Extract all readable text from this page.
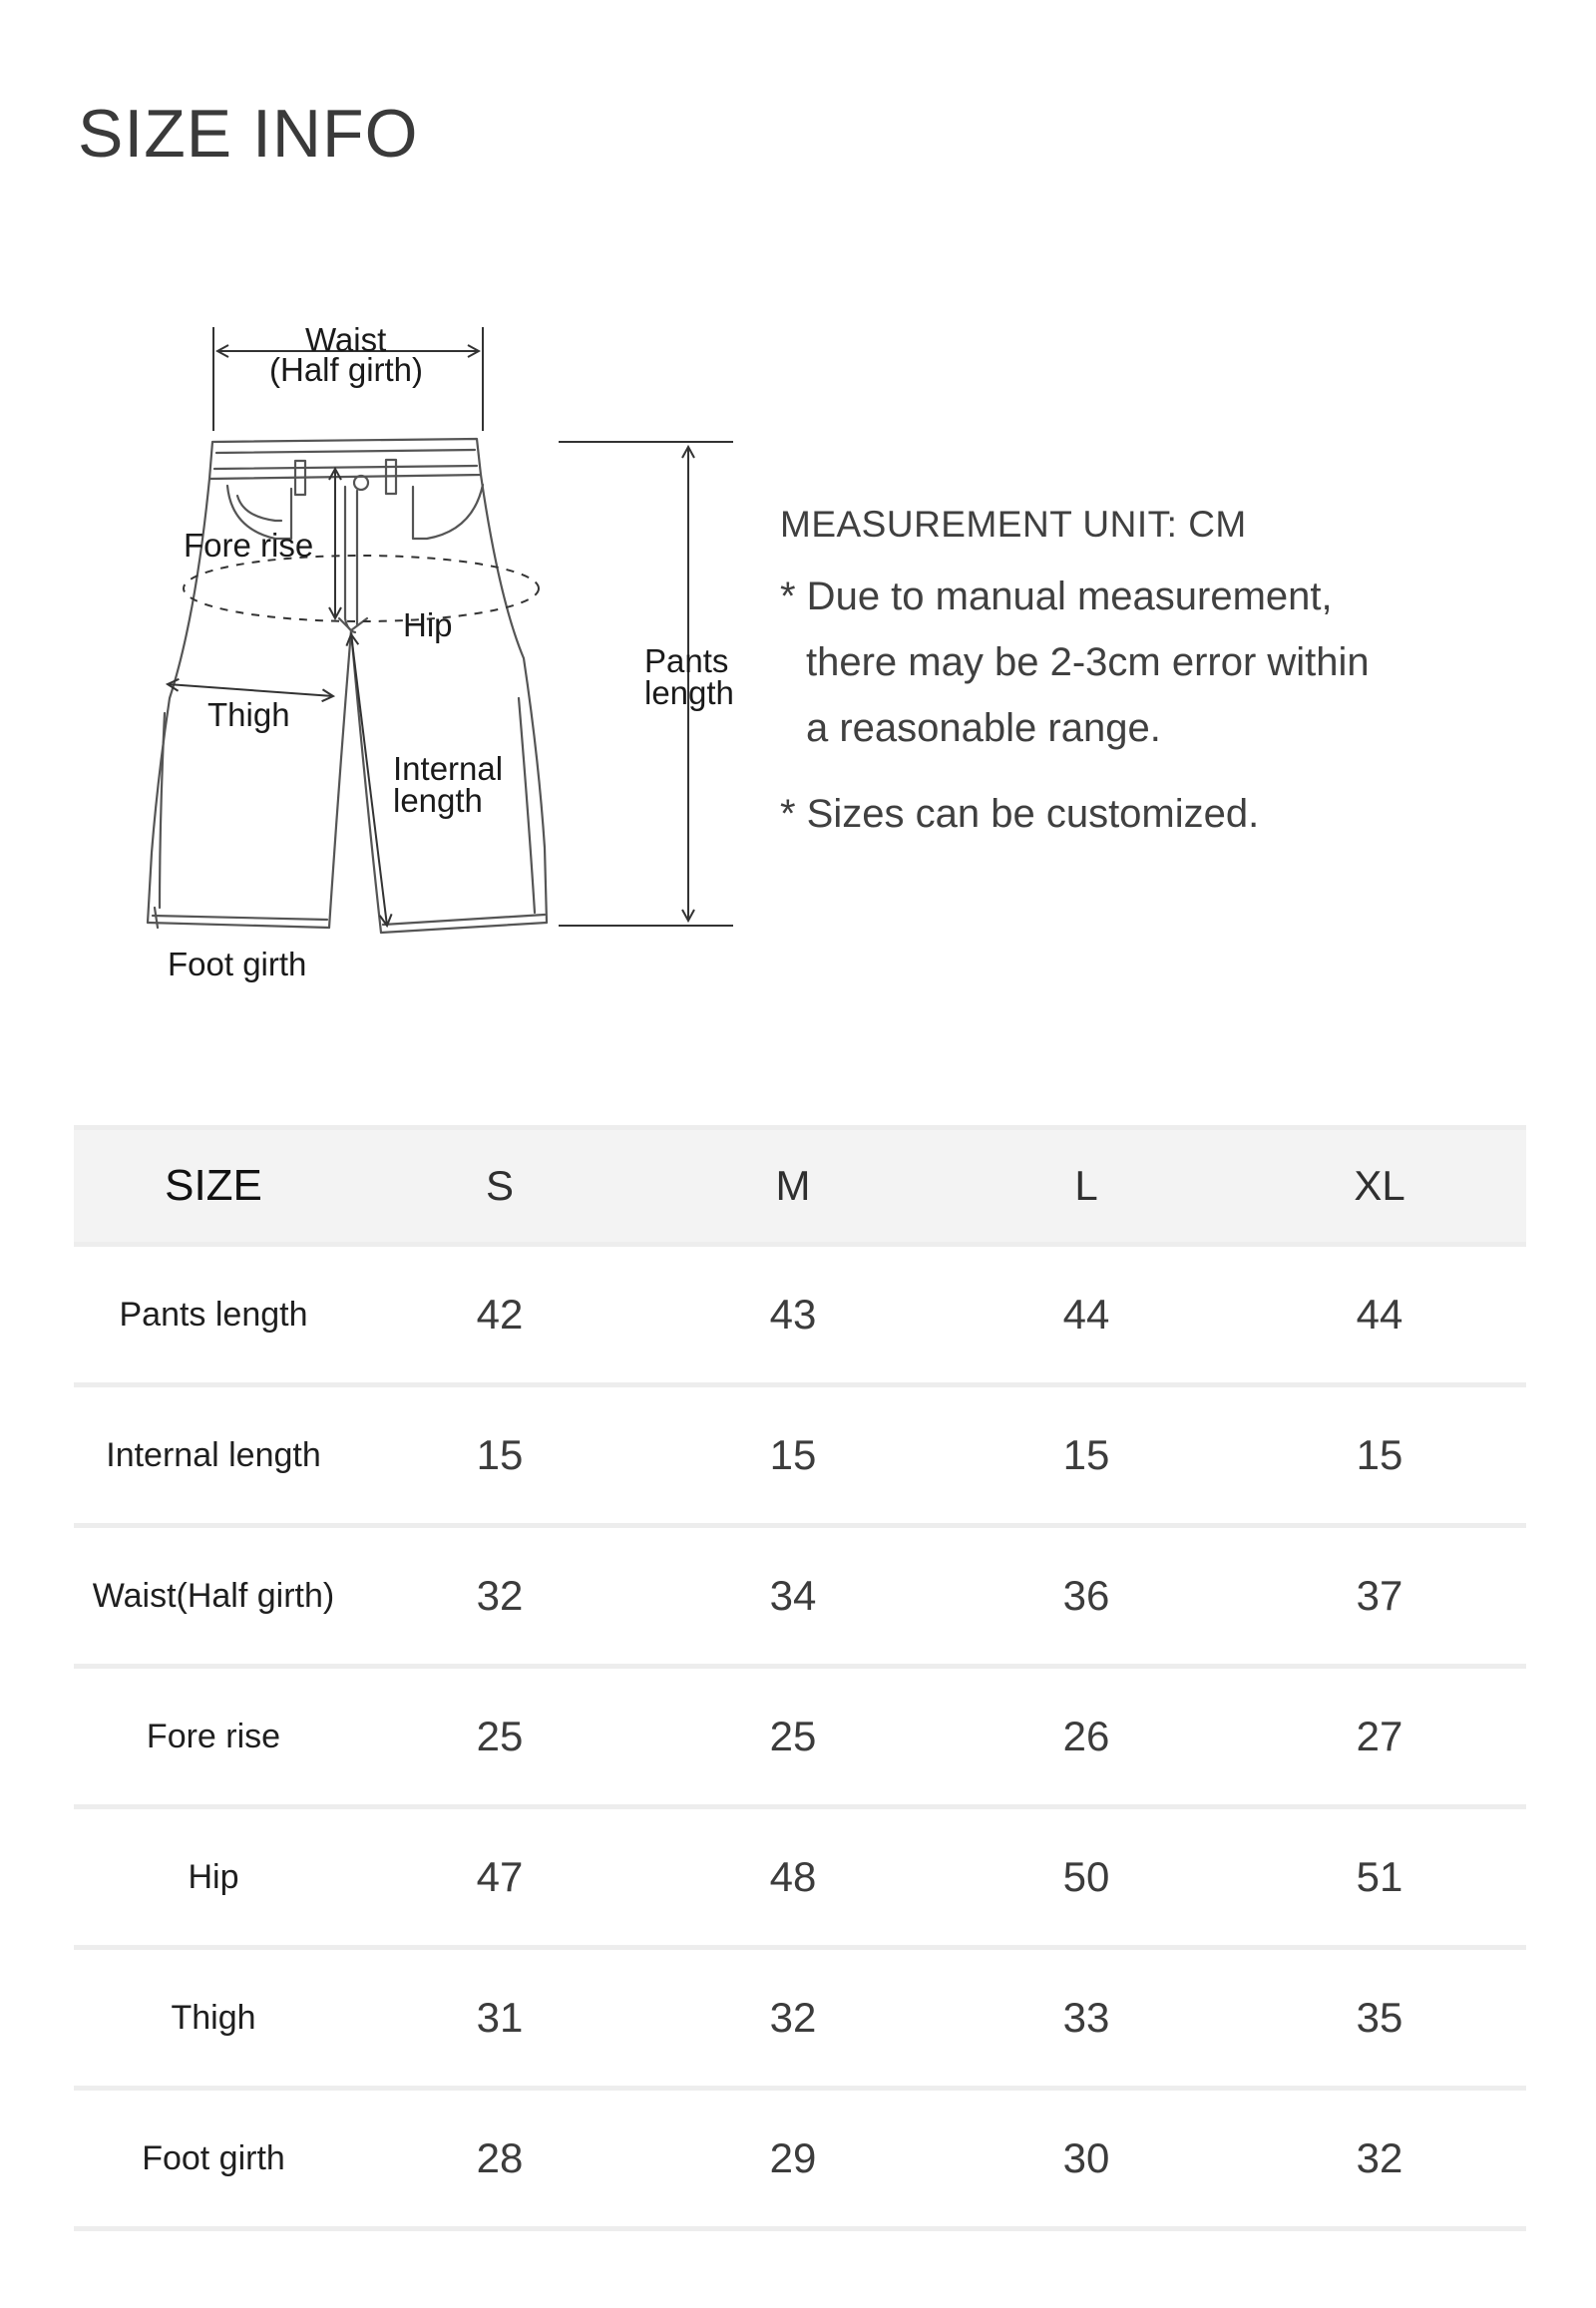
SIZE INFO
Waist
(Half girth)
Fore rise
Hip
Thigh
Internal
length
Pants
length
Foot girth

MEASUREMENT UNIT: CM

* Due to manual measurement,

there may be 2-3cm error within

a reasonable range.

* Sizes can be customized.

SIZE	S	M	L	XL
Pants length	42	43	44	44
Internal length	15	15	15	15
Waist(Half girth)	32	34	36	37
Fore rise	25	25	26	27
Hip	47	48	50	51
Thigh	31	32	33	35
Foot girth	28	29	30	32
